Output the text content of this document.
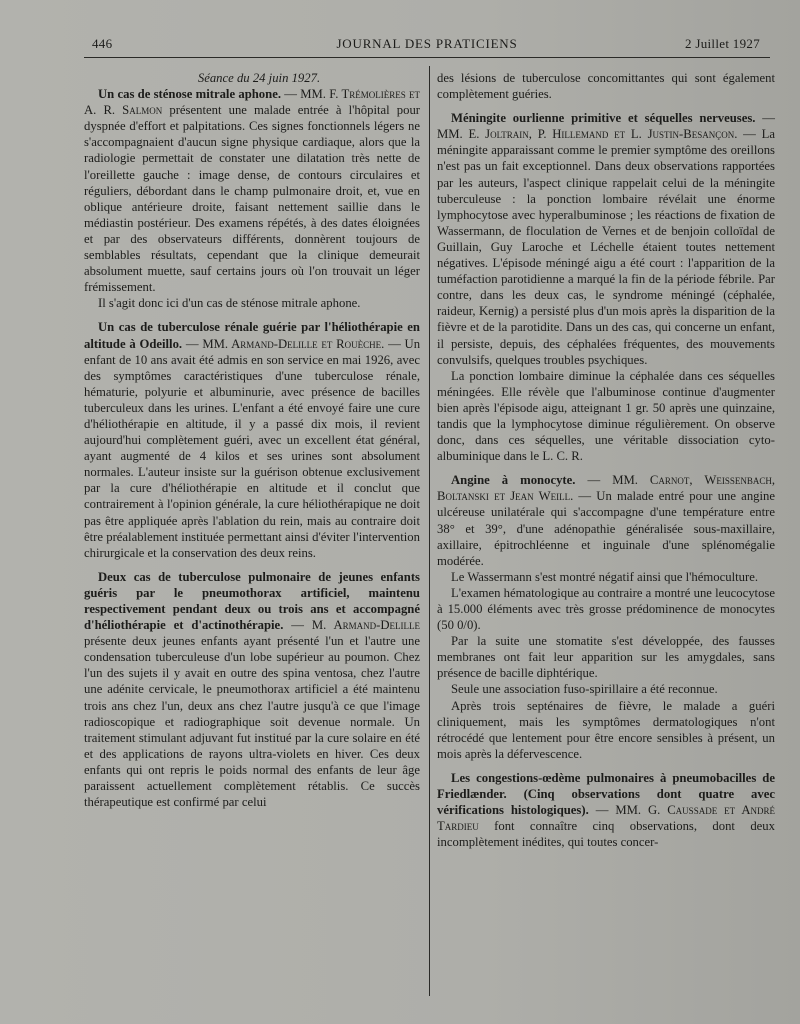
446	JOURNAL DES PRATICIENS	2 Juillet 1927

Séance du 24 juin 1927.

Un cas de sténose mitrale aphone. — MM. F. Trémolières et A. R. Salmon présentent une malade entrée à l'hôpital pour dyspnée d'effort et palpitations. Ces signes fonctionnels légers ne s'accompagnaient d'aucun signe physique cardiaque, alors que la radiologie permettait de constater une dilatation très nette de l'oreillette gauche : image dense, de contours circulaires et réguliers, débordant dans le champ pulmonaire droit, et, vue en oblique antérieure droite, faisant nettement saillie dans le médiastin postérieur. Des examens répétés, à des dates éloignées et par des observateurs différents, donnèrent toujours de semblables résultats, cependant que la clinique demeurait absolument muette, sauf certains jours où l'on trouvait un léger frémissement.

Il s'agit donc ici d'un cas de sténose mitrale aphone.

Un cas de tuberculose rénale guérie par l'héliothérapie en altitude à Odeillo. — MM. Armand-Delille et Rouèche. — Un enfant de 10 ans avait été admis en son service en mai 1926, avec des symptômes caractéristiques d'une tuberculose rénale, hématurie, polyurie et albuminurie, avec présence de bacilles tuberculeux dans les urines. L'enfant a été envoyé faire une cure d'héliothérapie en altitude, il y a passé dix mois, il revient aujourd'hui complètement guéri, avec un excellent état général, ayant augmenté de 4 kilos et ses urines sont absolument normales. L'auteur insiste sur la guérison obtenue exclusivement par la cure d'héliothérapie en altitude et il conclut que contrairement à l'opinion générale, la cure héliothérapique ne doit pas être appliquée après l'ablation du rein, mais au contraire doit être préalablement instituée permettant ainsi d'éviter l'intervention chirurgicale et la conservation des deux reins.

Deux cas de tuberculose pulmonaire de jeunes enfants guéris par le pneumothorax artificiel, maintenu respectivement pendant deux ou trois ans et accompagné d'héliothérapie et d'actinothérapie. — M. Armand-Delille présente deux jeunes enfants ayant présenté l'un et l'autre une condensation tuberculeuse d'un lobe supérieur au poumon. Chez l'un des sujets il y avait en outre des spina ventosa, chez l'autre une adénite cervicale, le pneumothorax artificiel a été maintenu trois ans chez l'un, deux ans chez l'autre jusqu'à ce que l'image radioscopique et radiographique soit devenue normale. Un traitement stimulant adjuvant fut institué par la cure solaire en été et des applications de rayons ultra-violets en hiver. Ces deux enfants qui ont repris le poids normal des enfants de leur âge paraissent actuellement complètement rétablis. Ce succès thérapeutique est confirmé par celui

des lésions de tuberculose concomittantes qui sont également complètement guéries.

Méningite ourlienne primitive et séquelles nerveuses. — MM. E. Joltrain, P. Hillemand et L. Justin-Besançon. — La méningite apparaissant comme le premier symptôme des oreillons n'est pas un fait exceptionnel. Dans deux observations rapportées par les auteurs, l'aspect clinique rappelait celui de la méningite tuberculeuse : la ponction lombaire révélait une énorme lymphocytose avec hyperalbuminose ; les réactions de fixation de Wassermann, de floculation de Vernes et de benjoin colloïdal de Guillain, Guy Laroche et Léchelle étaient toutes nettement négatives. L'épisode méningé aigu a été court : l'apparition de la tuméfaction parotidienne a marqué la fin de la période fébrile. Par contre, dans les deux cas, le syndrome méningé (céphalée, raideur, Kernig) a persisté plus d'un mois après la disparition de la fièvre et de la parotidite. Dans un des cas, qui concerne un enfant, il persiste, depuis, des céphalées fréquentes, des mouvements convulsifs, quelques troubles psychiques.

La ponction lombaire diminue la céphalée dans ces séquelles méningées. Elle révèle que l'albuminose continue d'augmenter bien après l'épisode aigu, atteignant 1 gr. 50 après une quinzaine, tandis que la lymphocytose diminue régulièrement. On observe donc, dans ces séquelles, une véritable dissociation cyto-albuminique dans le L. C. R.

Angine à monocyte. — MM. Carnot, Weissenbach, Boltanski et Jean Weill. — Un malade entré pour une angine ulcéreuse unilatérale qui s'accompagne d'une température entre 38° et 39°, d'une adénopathie généralisée sous-maxillaire, axillaire, épitrochléenne et inguinale d'une splénomégalie modérée.

Le Wassermann s'est montré négatif ainsi que l'hémoculture.

L'examen hématologique au contraire a montré une leucocytose à 15.000 éléments avec très grosse prédominence de monocytes (50 0/0).

Par la suite une stomatite s'est développée, des fausses membranes ont fait leur apparition sur les amygdales, sans présence de bacille diphtérique.

Seule une association fuso-spirillaire a été reconnue.

Après trois septénaires de fièvre, le malade a guéri cliniquement, mais les symptômes dermatologiques n'ont rétrocédé que lentement pour être encore sensibles à présent, un mois après la défervescence.

Les congestions-œdème pulmonaires à pneumobacilles de Friedlænder. (Cinq observations dont quatre avec vérifications histologiques). — MM. G. Caussade et André Tardieu font connaître cinq observations, dont deux incomplètement inédites, qui toutes concer-
